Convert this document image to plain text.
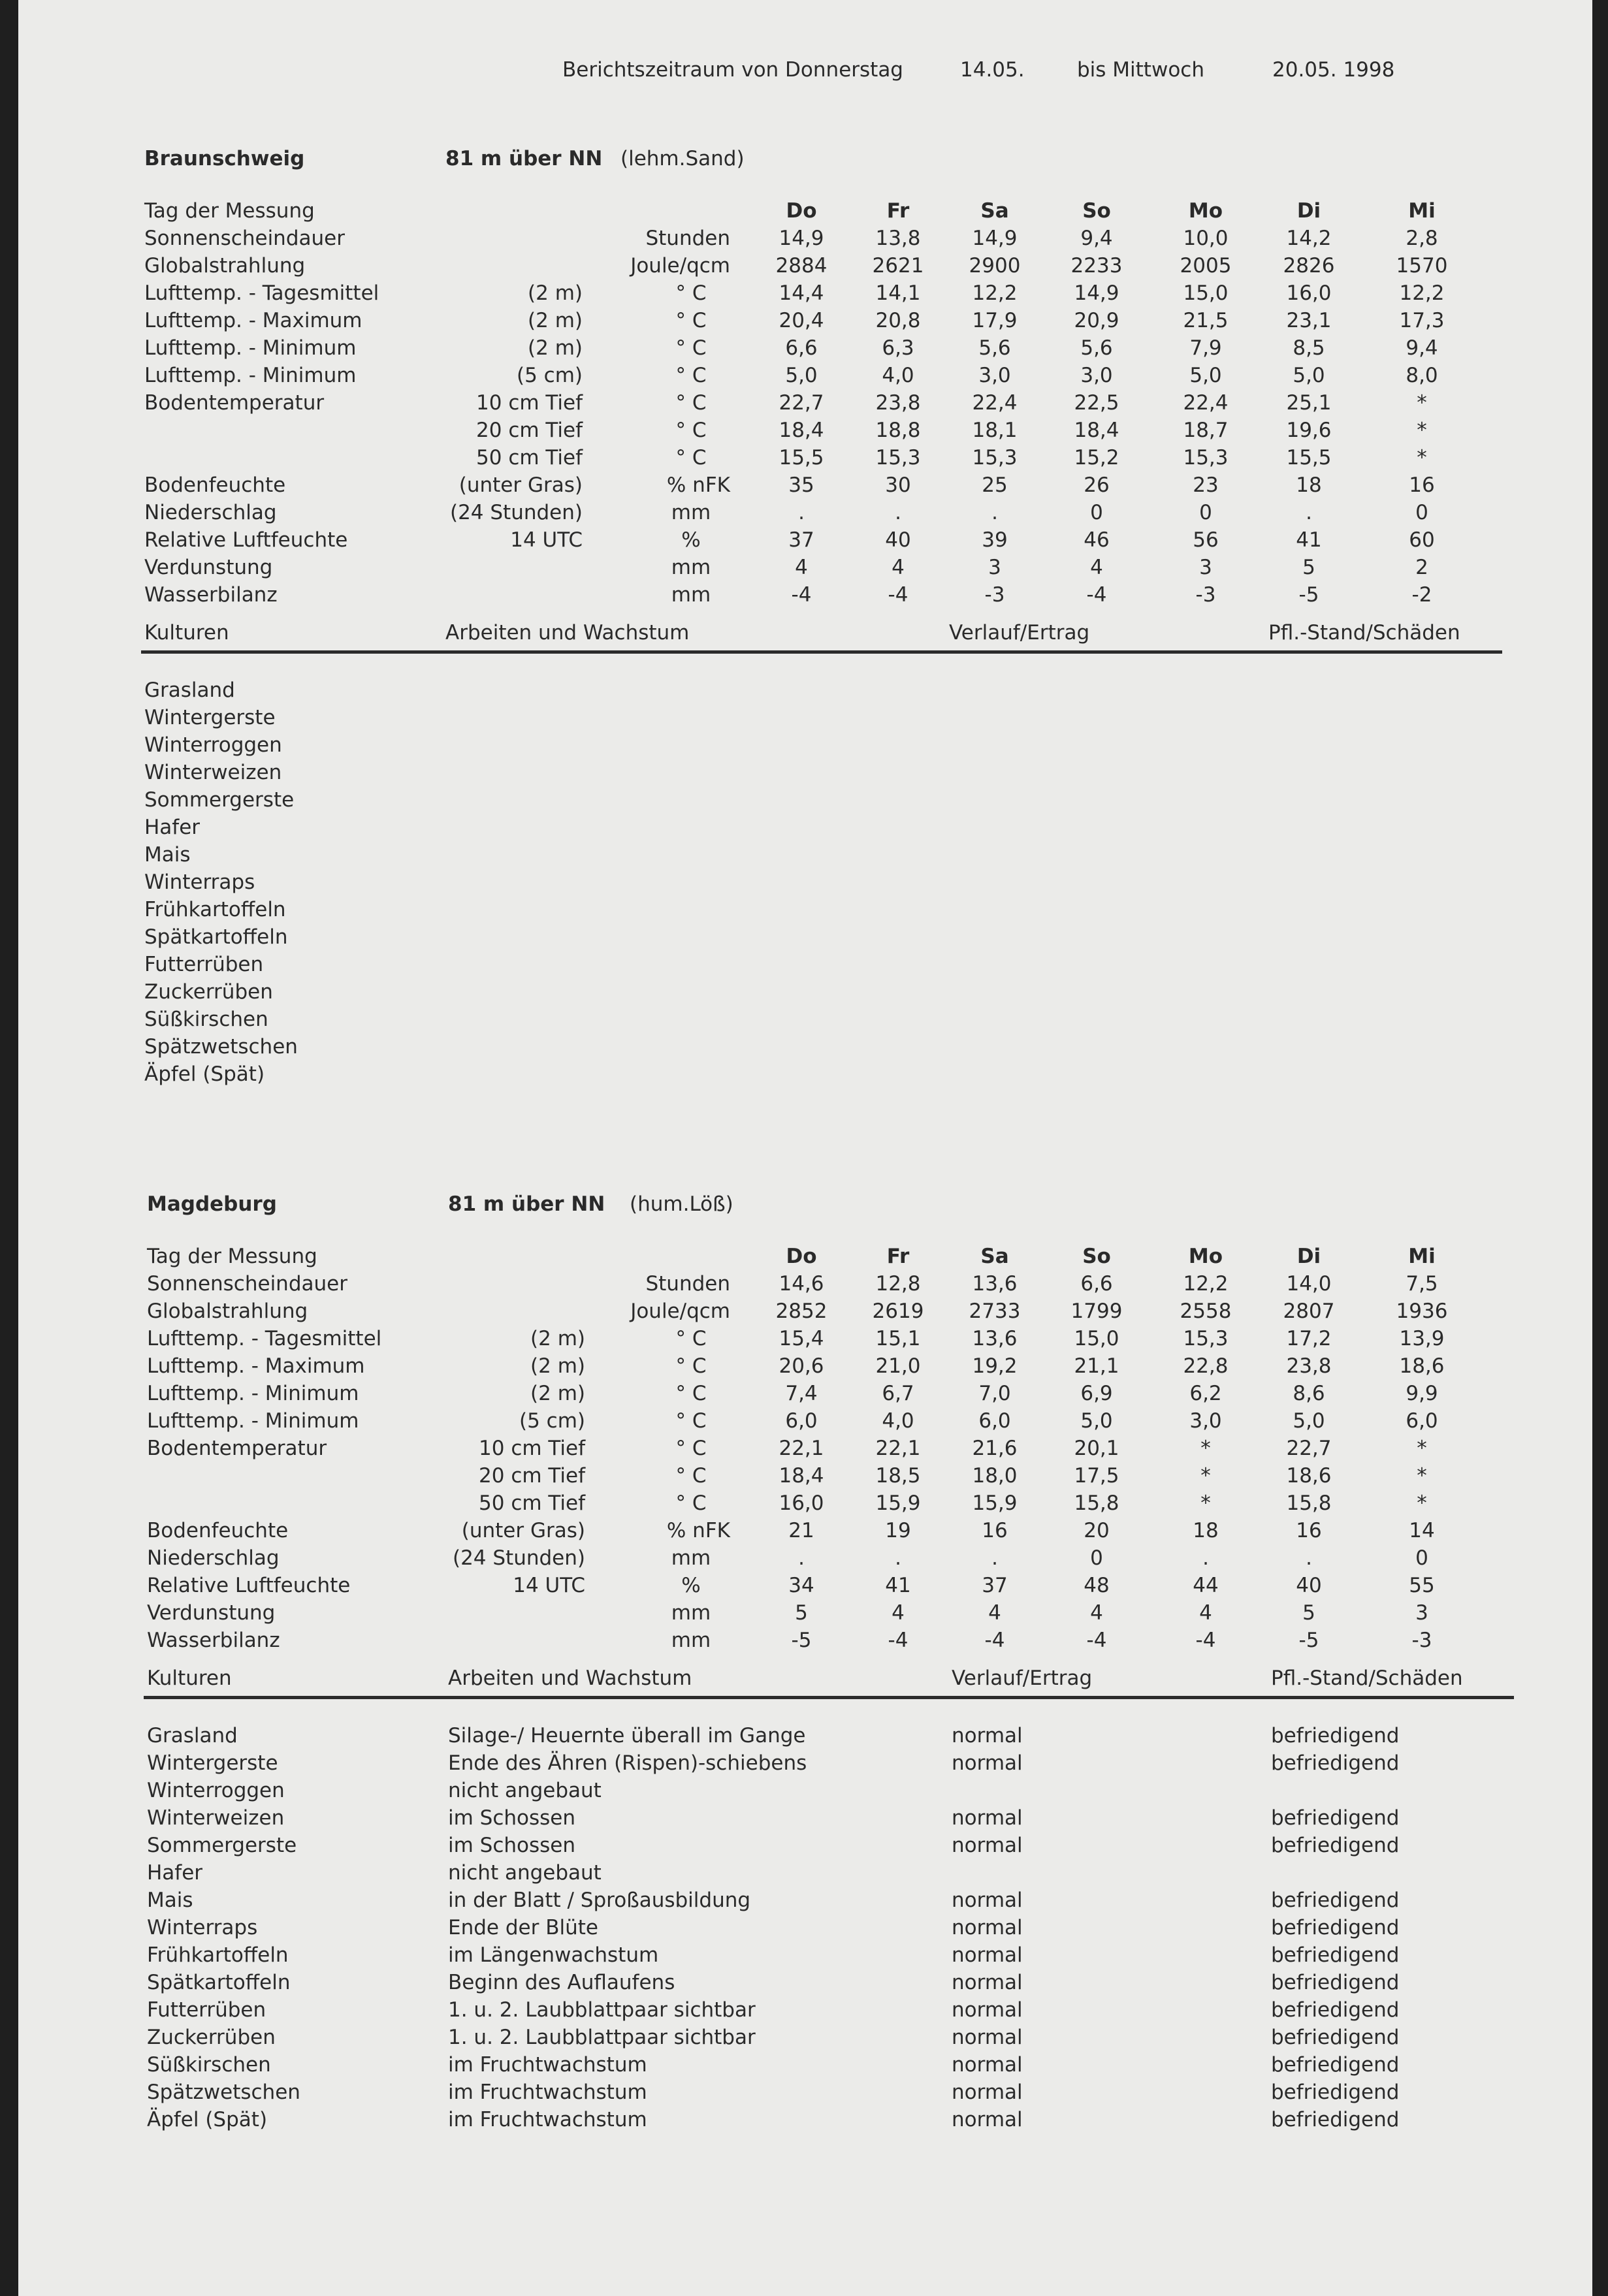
Berichtszeitraum von Donnerstag	14.05.	bis Mittwoch	20.05. 1998
Braunschweig	81 m über NN (lehm.Sand)
Tag der Messung	Do	Fr	Sa	So	Mo	Di	Mi
Sonnenscheindauer	Stunden 14,9	13,8	14,9	9,4	10,0	14,2	2,8
Globalstrahlung	Joule/qcm 2884 2621 2900 2233	2005	2826	1570
Lufttemp. - Tagesmittel	(2 m)	° C	14,4	14,1	12,2	14,9	15,0	16,0	12,2
Lufttemp. - Maximum	(2 m)	° C	20,4	20,8	17,9	20,9	21,5	23,1	17,3
Lufttemp. - Minimum	(2 m)	° C	6,6	6,3	5,6	5,6	7,9	8,5	9,4
Lufttemp. - Minimum	(5 cm)	° C	5,0	4,0	3,0	3,0	5,0	5,0	8,0
Bodentemperatur	10 cm Tief	° C	22,7	23,8	22,4	22,5	22,4	25,1	*
20 cm Tief	° C	18,4	18,8	18,1	18,4	18,7	19,6	*
50 cm Tief	° C	15,5	15,3	15,3	15,2	15,3	15,5	*
Bodenfeuchte	(unter Gras)	% nFK	35	30	25	26	23	18	16
Niederschlag	(24 Stunden)	mm	.	.	.	0	0	.	0
Relative Luftfeuchte	14 UTC	%	37	40	39	46	56	41	60
Verdunstung	mm	4	4	3	4	3	5	2
Wasserbilanz	mm	-4	-4	-3	-4	-3	-5	-2
Kulturen	Arbeiten und Wachstum	Verlauf/Ertrag	Pfl.-Stand/Schäden
Grasland
Wintergerste
Winterroggen
Winterweizen
Sommergerste
Hafer
Mais
Winterraps
Frühkartoffeln
Spätkartoffeln
Futterrüben
Zuckerrüben
Süßkirschen
Spätzwetschen
Äpfel (Spät)
Magdeburg	81 m über NN (hum.Löß)
Tag der Messung	Do	Fr	Sa	So	Mo	Di	Mi
Sonnenscheindauer	Stunden 14,6	12,8	13,6	6,6	12,2	14,0	7,5
Globalstrahlung	Joule/qcm 2852 2619 2733 1799	2558	2807	1936
Lufttemp. - Tagesmittel	(2 m)	° C	15,4	15,1	13,6	15,0	15,3	17,2	13,9
Lufttemp. - Maximum	(2 m)	° C	20,6	21,0	19,2	21,1	22,8	23,8	18,6
Lufttemp. - Minimum	(2 m)	° C	7,4	6,7	7,0	6,9	6,2	8,6	9,9
Lufttemp. - Minimum	(5 cm)	° C	6,0	4,0	6,0	5,0	3,0	5,0	6,0
Bodentemperatur	10 cm Tief	° C	22,1	22,1	21,6	20,1	*	22,7	*
20 cm Tief	° C	18,4	18,5	18,0	17,5	*	18,6	*
50 cm Tief	° C	16,0	15,9	15,9	15,8	*	15,8	*
Bodenfeuchte	(unter Gras)	% nFK	21	19	16	20	18	16	14
Niederschlag	(24 Stunden)	mm	.	.	.	0	.	.	0
Relative Luftfeuchte	14 UTC	%	34	41	37	48	44	40	55
Verdunstung	mm	5	4	4	4	4	5	3
Wasserbilanz	mm	-5	-4	-4	-4	-4	-5	-3
Kulturen	Arbeiten und Wachstum	Verlauf/Ertrag	Pfl.-Stand/Schäden
Grasland	Silage-/ Heuernte überall im Gange	normal	befriedigend
Wintergerste	Ende des Ähren (Rispen)-schiebens	normal	befriedigend
Winterroggen	nicht angebaut
Winterweizen	im Schossen	normal	befriedigend
Sommergerste	im Schossen	normal	befriedigend
Hafer	nicht angebaut
Mais	in der Blatt / Sproßausbildung	normal	befriedigend
Winterraps	Ende der Blüte	normal	befriedigend
Frühkartoffeln	im Längenwachstum	normal	befriedigend
Spätkartoffeln	Beginn des Auflaufens	normal	befriedigend
Futterrüben	1. u. 2. Laubblattpaar sichtbar	normal	befriedigend
Zuckerrüben	1. u. 2. Laubblattpaar sichtbar	normal	befriedigend
Süßkirschen	im Fruchtwachstum	normal	befriedigend
Spätzwetschen	im Fruchtwachstum	normal	befriedigend
Äpfel (Spät)	im Fruchtwachstum	normal	befriedigend
